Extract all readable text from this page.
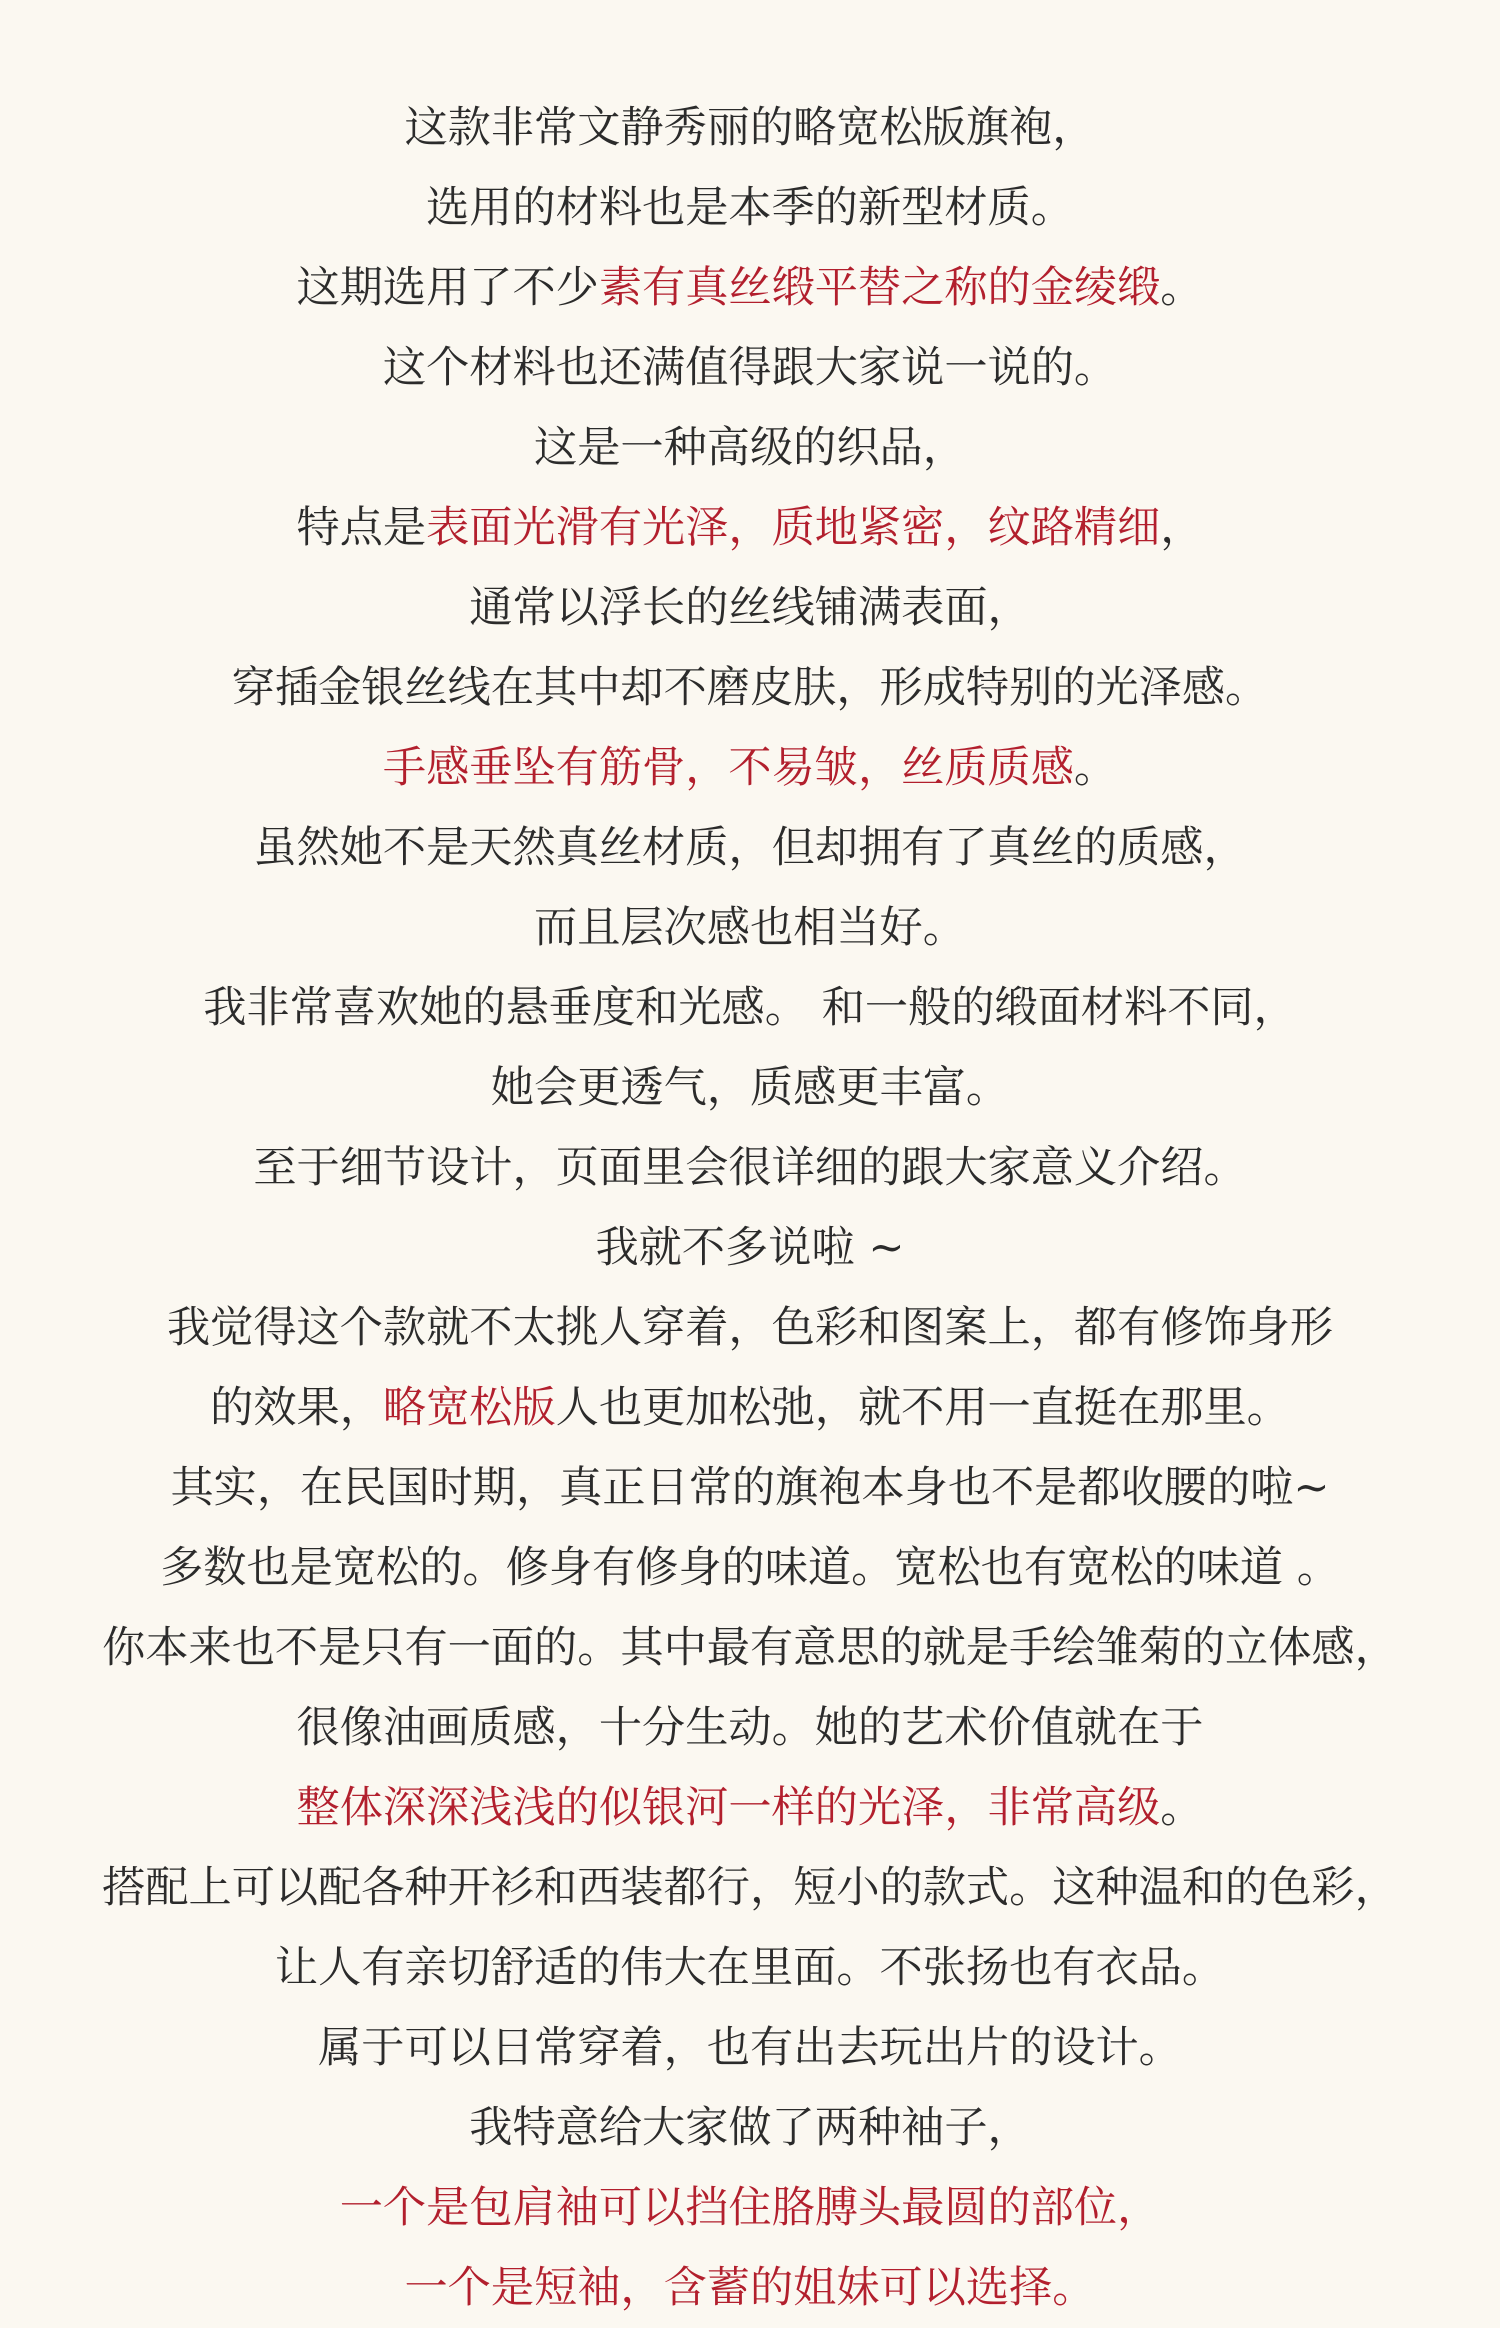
这款非常文静秀丽的略宽松版旗袍，
选用的材料也是本季的新型材质。
这期选用了不少素有真丝缎平替之称的金绫缎。
这个材料也还满值得跟大家说一说的。
这是一种高级的织品，
特点是表面光滑有光泽，质地紧密，纹路精细，
通常以浮长的丝线铺满表面，
穿插金银丝线在其中却不磨皮肤，形成特别的光泽感。
手感垂坠有筋骨，不易皱，丝质质感。
虽然她不是天然真丝材质，但却拥有了真丝的质感，
而且层次感也相当好。
我非常喜欢她的悬垂度和光感。 和一般的缎面材料不同，
她会更透气，质感更丰富。
至于细节设计，页面里会很详细的跟大家意义介绍。
我就不多说啦 ~
我觉得这个款就不太挑人穿着，色彩和图案上，都有修饰身形
的效果，略宽松版人也更加松弛，就不用一直挺在那里。
其实，在民国时期，真正日常的旗袍本身也不是都收腰的啦~
多数也是宽松的。修身有修身的味道。宽松也有宽松的味道 。
你本来也不是只有一面的。其中最有意思的就是手绘雏菊的立体感，
很像油画质感，十分生动。她的艺术价值就在于
整体深深浅浅的似银河一样的光泽，非常高级。
搭配上可以配各种开衫和西装都行，短小的款式。这种温和的色彩，
让人有亲切舒适的伟大在里面。不张扬也有衣品。
属于可以日常穿着，也有出去玩出片的设计。
我特意给大家做了两种袖子，
一个是包肩袖可以挡住胳膊头最圆的部位，
一个是短袖，含蓄的姐妹可以选择。
